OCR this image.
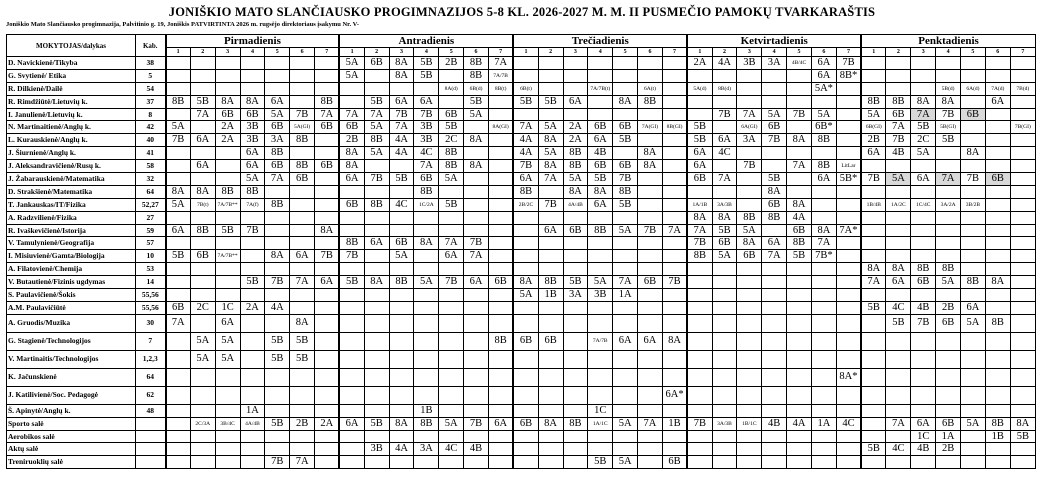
JONIŠKIO MATO SLANČIAUSKO PROGIMNAZIJOS 5-8 KL. 2026-2027 M. M. II PUSMEČIO PAMOKŲ TVARKARAŠTIS
Joniškio Mato Slančiausko progimnazija, Palvitinio g. 19, Joniškis PATVIRTINTA 2026 m. rugsėjo direktoriaus įsakymu Nr. V-
MOKYTOJAS/dalykas	Kab.	Pirmadienis							Antradienis							Trečiadienis							Ketvirtadienis							Penktadienis						
		1	2	3	4	5	6	7	1	2	3	4	5	6	7	1	2	3	4	5	6	7	1	2	3	4	5	6	7	1	2	3	4	5	6	7
D. Navickienė/Tikyba	38								5A	6B	8A	5B	2B	8B	7A								2A	4A	3B	3A	4B/4C	6A	7B							
G. Svytienė/ Etika	5								5A		8A	5B		8B	7A/7B													6A	8B*							
R. Dilkienė/Dailė	54												8A(d)	6B(d)	8B(t)	6B(t)			7A/7B(t)		6A(t)		5A(d)	8B(d)				5A*					5B(d)	6A(d)	7A(d)	7B(d)
R. Rimdžiūtė/Lietuvių k.	37	8B	5B	8A	8A	6A		8B		5B	6A	6A		5B		5B	5B	6A		8A	8B									8B	8B	8A	8A		6A	
I. Janulienė/Lietuvių k.	8		7A	6B	6B	5A	7B	7A	7A	7A	7B	7B	6B	5A										7B	7A	5A	7B	5A		5A	6B	7A	7B	6B		
N. Martinaitienė/Anglų k.	42	5A		2A	3B	6B	5A(GI)	6B	6B	5A	7A	3B	5B		8A(GI)	7A	5A	2A	6B	6B	7A(GI)	8B(GI)	5B		6A(GI)	6B		6B*		6B(GI)	7A	5B	5B(GI)			7B(GI)
L. Kurauskienė/Anglų k.	40	7B	6A	2A	3B	3A	8B		2B	8B	4A	3B	2C	8A		4A	8A	2A	6A	5B			5B	6A	3A	7B	8A	8B		2B	7B	2C	5B			
J. Šiurnienė/Anglų k.	41				6A	8B			8A	5A	4A	4C	8B			4A	5A	8B	4B		8A		6A	4C						6A	4B	5A		8A		
J. Aleksandravičienė/Rusų k.	58		6A		6A	6B	8B	6B	8A			7A	8B	8A		7B	8A	8B	6B	6B	8A		6A		7B		7A	8B	LitLar							
J. Žabarauskienė/Matematika	32				5A	7A	6B		6A	7B	5B	6B	5A			6A	7A	5A	5B	7B			6B	7A		5B		6A	5B*	7B	5A	6A	7A	7B	6B	
D. Strakšienė/Matematika	64	8A	8A	8B	8B							8B				8B		8A	8A	8B						8A										
T. Jankauskas/IT/Fizika	52,27	5A	7B(t)	7A/7B**	7A(f)	8B			6B	8B	4C	1C/2A	5B			2B/2C	7B	4A/4B	6A	5B			1A/1B	3A/3B		6B	8A			1B/4B	1A/2C	1C/4C	3A/2A	3B/2B		
A. Radzvilienė/Fizika	27																						8A	8A	8B	8B	4A									
R. Ivaškevičienė/Istorija	59	6A	8B	5B	7B			8A									6A	6B	8B	5A	7B	7A	7A	5B	5A		6B	8A	7A*							
V. Tamulynienė/Geografija	57								8B	6A	6B	8A	7A	7B									7B	6B	8A	6A	8B	7A								
I. Misiuvienė/Gamta/Biologija	10	5B	6B	7A/7B**		8A	6A	7B	7B		5A		6A	7A									8B	5A	6B	7A	5B	7B*								
A. Filatovienė/Chemija	53																													8A	8A	8B	8B			
V. Butautienė/Fizinis ugdymas	14				5B	7B	7A	6A	5B	8A	8B	5A	7B	6A	6B	8A	8B	5B	5A	7A	6B	7B								7A	6A	6B	5A	8B	8A	
S. Paulavičienė/Šokis	55,56															5A	1B	3A	3B	1A																
A.M. Paulavičiūtė	55,56	6B	2C	1C	2A	4A																								5B	4C	4B	2B	6A		
A. Gruodis/Muzika	30	7A		6A			8A																								5B	7B	6B	5A	8B	
G. Stagienė/Technologijos	7		5A	5A		5B	5B								8B	6B	6B		7A/7B	6A	6A	8A														
V. Martinaitis/Technologijos	1,2,3		5A	5A		5B	5B																													
K. Jačunskienė	64																												8A*							
J. Katilivienė/Soc. Pedagogė	62																					6A*														
Š. Apinytė/Anglų k.	48				1A							1B							1C																	
Sporto salė			2C/3A	3B/4C	4A/4B	5B	2B	2A	6A	5B	8A	8B	5A	7B	6A	6B	8A	8B	1A/1C	5A	7A	1B	7B	3A/3B	1B/1C	4B	4A	1A	4C		7A	6A	6B	5A	8B	8A
Aerobikos salė																																1C	1A		1B	5B
Aktų salė										3B	4A	3A	4C	4B																5B	4C	4B	2B			
Treniruoklių salė						7B	7A												5B	5A		6B														
